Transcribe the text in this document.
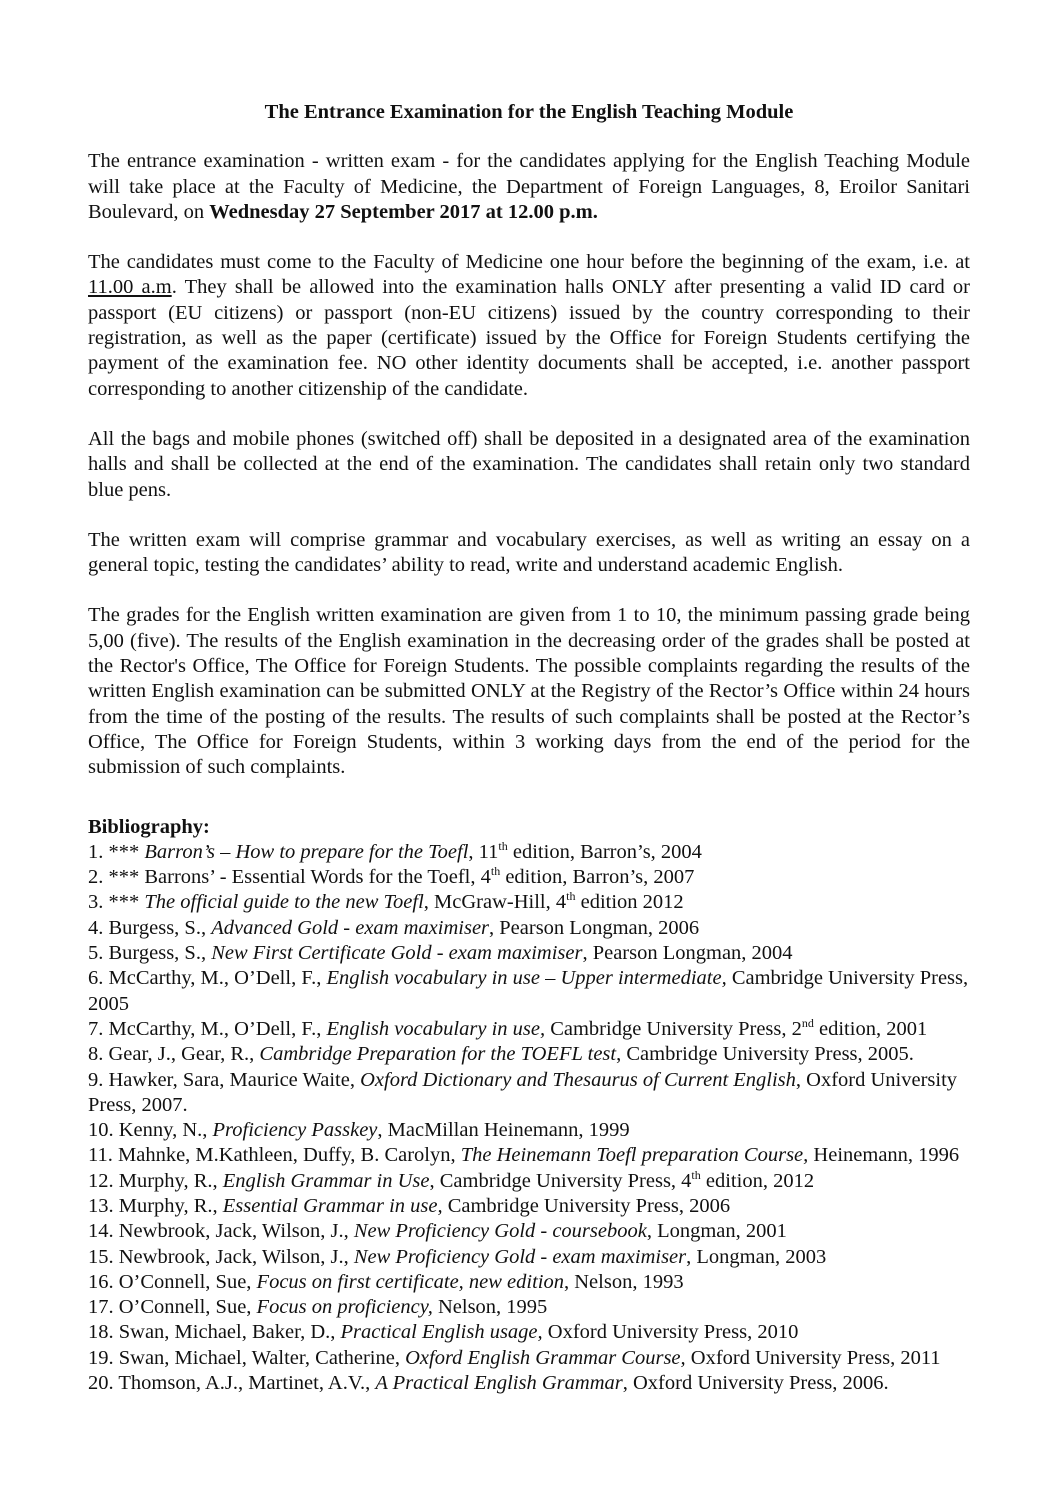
The Entrance Examination for the English Teaching Module

The entrance examination - written exam - for the candidates applying for the English Teaching Module will take place at the Faculty of Medicine, the Department of Foreign Languages, 8, Eroilor Sanitari Boulevard, on Wednesday 27 September 2017 at 12.00 p.m.

The candidates must come to the Faculty of Medicine one hour before the beginning of the exam, i.e. at 11.00 a.m. They shall be allowed into the examination halls ONLY after presenting a valid ID card or passport (EU citizens) or passport (non-EU citizens) issued by the country corresponding to their registration, as well as the paper (certificate) issued by the Office for Foreign Students certifying the payment of the examination fee. NO other identity documents shall be accepted, i.e. another passport corresponding to another citizenship of the candidate.

All the bags and mobile phones (switched off) shall be deposited in a designated area of the examination halls and shall be collected at the end of the examination. The candidates shall retain only two standard blue pens.

The written exam will comprise grammar and vocabulary exercises, as well as writing an essay on a general topic, testing the candidates’ ability to read, write and understand academic English.

The grades for the English written examination are given from 1 to 10, the minimum passing grade being 5,00 (five). The results of the English examination in the decreasing order of the grades shall be posted at the Rector's Office, The Office for Foreign Students. The possible complaints regarding the results of the written English examination can be submitted ONLY at the Registry of the Rector’s Office within 24 hours from the time of the posting of the results. The results of such complaints shall be posted at the Rector’s Office, The Office for Foreign Students, within 3 working days from the end of the period for the submission of such complaints.

Bibliography:
1. *** Barron’s – How to prepare for the Toefl, 11th edition, Barron’s, 2004
2. *** Barrons’ - Essential Words for the Toefl, 4th edition, Barron’s, 2007
3. *** The official guide to the new Toefl, McGraw-Hill, 4th edition 2012
4. Burgess, S., Advanced Gold - exam maximiser, Pearson Longman, 2006
5. Burgess, S., New First Certificate Gold - exam maximiser, Pearson Longman, 2004
6. McCarthy, M., O’Dell, F., English vocabulary in use – Upper intermediate, Cambridge University Press, 2005
7. McCarthy, M., O’Dell, F., English vocabulary in use, Cambridge University Press, 2nd edition, 2001
8. Gear, J., Gear, R., Cambridge Preparation for the TOEFL test, Cambridge University Press, 2005.
9. Hawker, Sara, Maurice Waite, Oxford Dictionary and Thesaurus of Current English, Oxford University Press, 2007.
10. Kenny, N., Proficiency Passkey, MacMillan Heinemann, 1999
11. Mahnke, M.Kathleen, Duffy, B. Carolyn, The Heinemann Toefl preparation Course, Heinemann, 1996
12. Murphy, R., English Grammar in Use, Cambridge University Press, 4th edition, 2012
13. Murphy, R., Essential Grammar in use, Cambridge University Press, 2006
14. Newbrook, Jack, Wilson, J., New Proficiency Gold - coursebook, Longman, 2001
15. Newbrook, Jack, Wilson, J., New Proficiency Gold - exam maximiser, Longman, 2003
16. O’Connell, Sue, Focus on first certificate, new edition, Nelson, 1993
17. O’Connell, Sue, Focus on proficiency, Nelson, 1995
18. Swan, Michael, Baker, D., Practical English usage, Oxford University Press, 2010
19. Swan, Michael, Walter, Catherine, Oxford English Grammar Course, Oxford University Press, 2011
20. Thomson, A.J., Martinet, A.V., A Practical English Grammar, Oxford University Press, 2006.
